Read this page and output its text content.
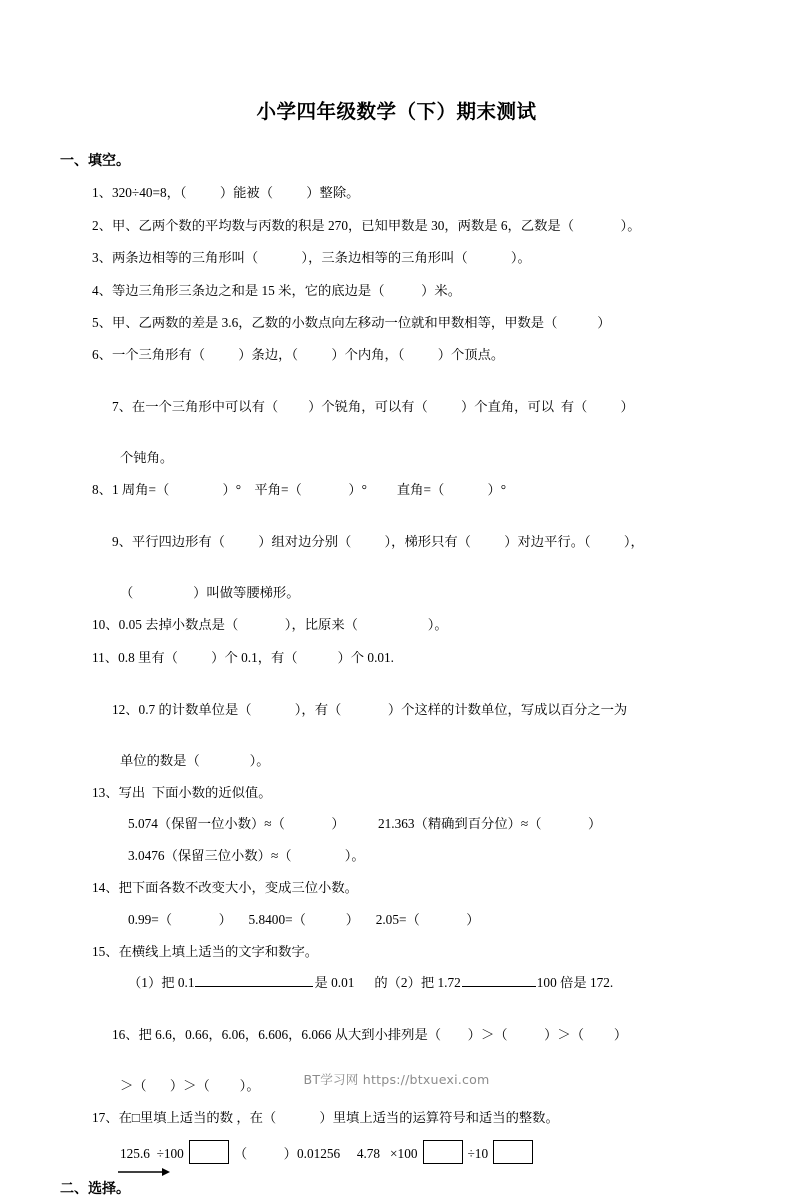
小学四年级数学（下）期末测试
一、填空。
1、320÷40=8，（          ）能被（          ）整除。
2、甲、乙两个数的平均数与丙数的积是 270，已知甲数是 30，两数是 6，乙数是（              ）。
3、两条边相等的三角形叫（             ），三条边相等的三角形叫（             ）。
4、等边三角形三条边之和是 15 米，它的底边是（           ）米。
5、甲、乙两数的差是 3.6，乙数的小数点向左移动一位就和甲数相等，甲数是（            ）
6、一个三角形有（          ）条边，（          ）个内角，（          ）个顶点。

7、在一个三角形中可以有（         ）个锐角，可以有（          ）个直角，可以  有（          ）

个钝角。
8、1 周角=（                ）°    平角=（              ）°         直角=（             ）°

9、平行四边形有（          ）组对边分别（          ），梯形只有（          ）对边平行。（          ），

（                  ）叫做等腰梯形。
10、0.05 去掉小数点是（              ），比原来（                     ）。
11、0.8 里有（          ）个 0.1，有（            ）个 0.01.

12、0.7 的计数单位是（             ），有（              ）个这样的计数单位，写成以百分之一为

单位的数是（               ）。
13、写出  下面小数的近似值。
5.074（保留一位小数）≈（              ）          21.363（精确到百分位）≈（              ）
3.0476（保留三位小数）≈（                ）。
14、把下面各数不改变大小，变成三位小数。
0.99=（              ）     5.8400=（            ）     2.05=（              ）
15、在横线上填上适当的文字和数字。
（1）把 0.1	是 0.01 的（2）把 1.72	100 倍是 172.

16、把 6.6，0.66，6.06，6.606，6.066 从大到小排列是（        ）＞（           ）＞（         ）

＞（       ）＞（         ）。
17、在□里填上适当的数 ，在（             ）里填上适当的运算符号和适当的整数。
125.6  ÷100	（           ）0.01256 4.78   ×100	÷10
二、选择。
BT学习网 https://btxuexi.com
